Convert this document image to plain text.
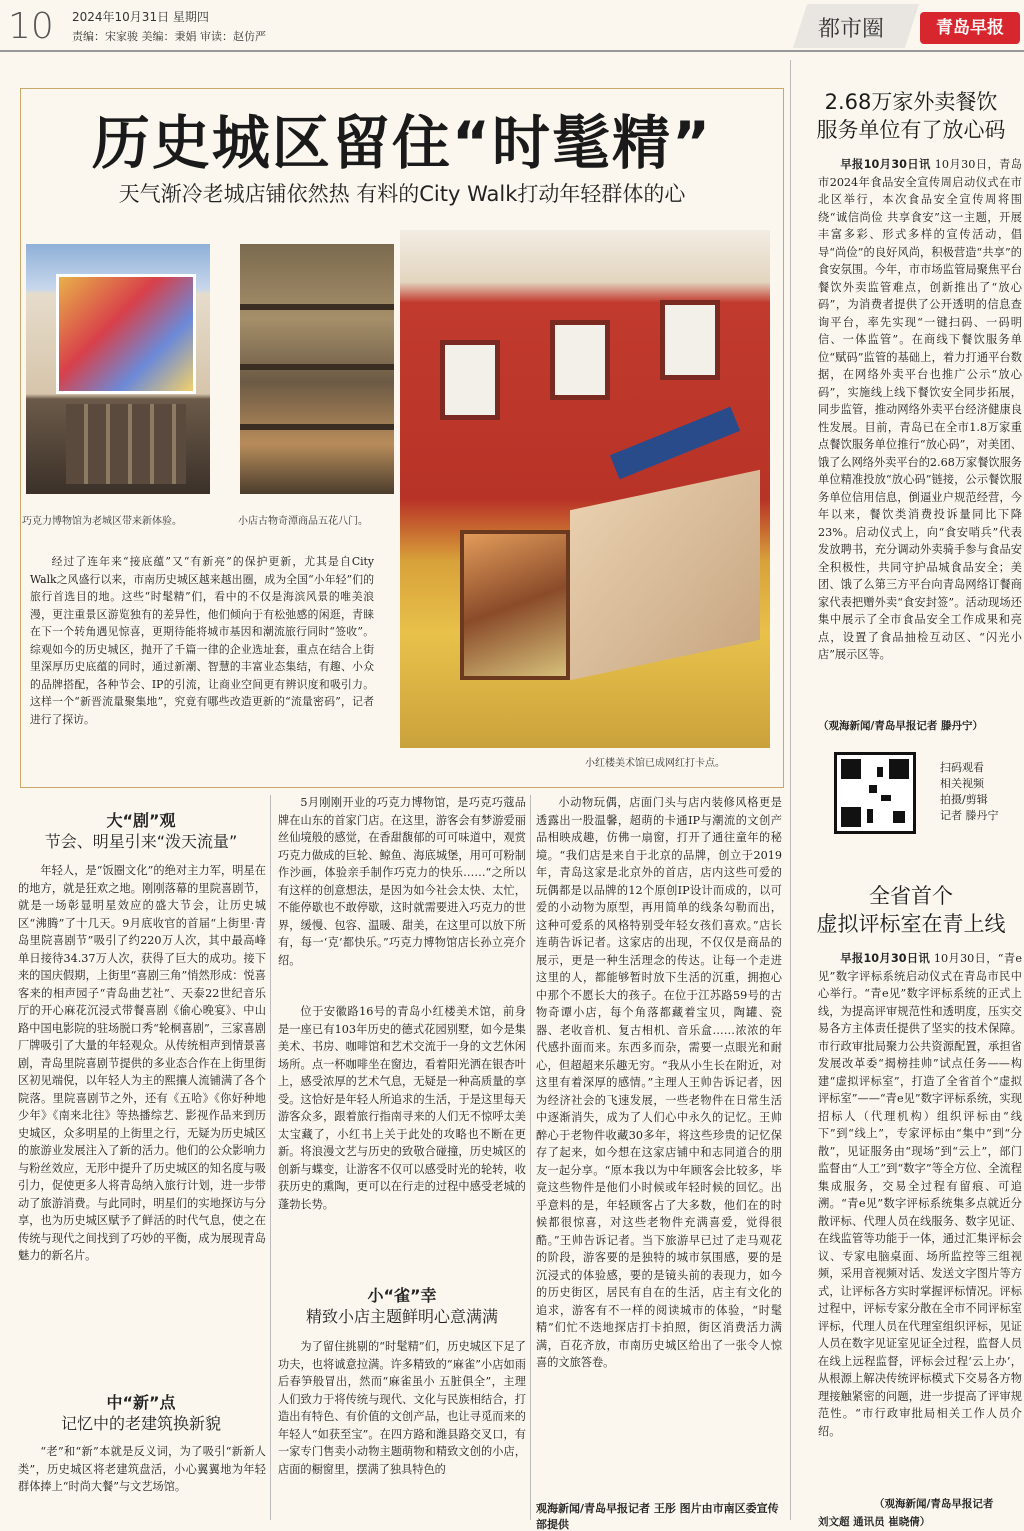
10 2024年10月31日 星期四
责编：宋家骏 美编：秉娟 审读：赵仿严	都市圈	青岛早报
历史城区留住“时髦精”
天气渐冷老城店铺依然热 有料的City Walk打动年轻群体的心
巧克力博物馆为老城区带来新体验。	小店古物奇潭商品五花八门。
小红楼美术馆已成网红打卡点。
经过了连年来“接底蕴”又“有新亮”的保护更新，尤其是自City Walk之风盛行以来，市南历史城区越来越出圈，成为全国“小年轻”们的旅行首选目的地。这些“时髦精”们，看中的不仅是海滨风景的唯美浪漫，更注重景区游览独有的差异性，他们倾向于有松弛感的闲逛，青睐在下一个转角遇见惊喜，更期待能将城市基因和潮流旅行同时“签收”。综观如今的历史城区，抛开了千篇一律的企业选址套，重点在结合上街里深厚历史底蕴的同时，通过新潮、智慧的丰富业态集结，有趣、小众的品牌搭配，各种节会、IP的引流，让商业空间更有辨识度和吸引力。这样一个“新晋流量聚集地”，究竟有哪些改造更新的“流量密码”，记者进行了探访。
大“剧”观
节会、明星引来“泼天流量”
年轻人，是“饭圈文化”的绝对主力军，明星在的地方，就是狂欢之地。刚刚落幕的里院喜剧节，就是一场彰显明星效应的盛大节会，让历史城区“沸腾”了十几天。9月底收官的首届“上街里·青岛里院喜剧节”吸引了约220万人次，其中最高峰单日接待34.37万人次，获得了巨大的成功。接下来的国庆假期，上街里“喜剧三角”悄然形成：悦喜客来的相声园子“青岛曲艺社”、天泰22世纪音乐厅的开心麻花沉浸式带餐喜剧《偷心晚宴》、中山路中国电影院的驻场脱口秀“轮桐喜剧”，三家喜剧厂牌吸引了大量的年轻观众。从传统相声到情景喜剧，青岛里院喜剧节提供的多业态合作在上街里街区初见端倪，以年轻人为主的熙攘人流铺满了各个院落。里院喜剧节之外，还有《五哈》《你好种地少年》《南来北往》等热播综艺、影视作品来到历史城区，众多明星的上街里之行，无疑为历史城区的旅游业发展注入了新的活力。他们的公众影响力与粉丝效应，无形中提升了历史城区的知名度与吸引力，促使更多人将青岛纳入旅行计划，进一步带动了旅游消费。与此同时，明星们的实地探访与分享，也为历史城区赋予了鲜活的时代气息，使之在传统与现代之间找到了巧妙的平衡，成为展现青岛魅力的新名片。
中“新”点
记忆中的老建筑换新貌
“老”和“新”本就是反义词，为了吸引“新新人类”，历史城区将老建筑盘活，小心翼翼地为年轻群体捧上“时尚大餐”与文艺场馆。
5月刚刚开业的巧克力博物馆，是巧克巧蔻品牌在山东的首家门店。在这里，游客会有梦游爱丽丝仙境般的感觉，在香甜馥郁的可可味道中，观赏巧克力做成的巨轮、鲸鱼、海底城堡，用可可粉制作沙画，体验亲手制作巧克力的快乐……“之所以有这样的创意想法，是因为如今社会太快、太忙，不能停歇也不敢停歇，这时就需要进入巧克力的世界，缓慢、包容、温暖、甜美，在这里可以放下所有，每一‘克’都快乐。”巧克力博物馆店长孙立亮介绍。
位于安徽路16号的青岛小红楼美术馆，前身是一座已有103年历史的德式花园别墅，如今是集美术、书房、咖啡馆和艺术交流于一身的文艺休闲场所。点一杯咖啡坐在窗边，看着阳光洒在银杏叶上，感受浓厚的艺术气息，无疑是一种高质量的享受。这恰好是年轻人所追求的生活，于是这里每天游客众多，跟着旅行指南寻来的人们无不惊呼太美太宝藏了，小红书上关于此处的攻略也不断在更新。将浪漫文艺与历史的致敬合碰撞，历史城区的创新与蝶变，让游客不仅可以感受时光的轮转，收获历史的熏陶，更可以在行走的过程中感受老城的蓬勃长势。
小“雀”幸
精致小店主题鲜明心意满满
为了留住挑剔的“时髦精”们，历史城区下足了功夫，也将诚意拉满。许多精致的“麻雀”小店如雨后春笋般冒出，然而“麻雀虽小 五脏俱全”，主理人们致力于将传统与现代、文化与民族相结合，打造出有特色、有价值的文创产品，也让寻觅而来的年轻人“如获至宝”。在四方路和潍县路交叉口，有一家专门售卖小动物主题萌物和精致文创的小店，店面的橱窗里，摆满了独具特色的
小动物玩偶，店面门头与店内装修风格更是透露出一股温馨，超萌的卡通IP与潮流的文创产品相映成趣，仿佛一扇窗，打开了通往童年的秘境。“我们店是来自于北京的品牌，创立于2019年，青岛这家是北京外的首店，店内这些可爱的玩偶都是以品牌的12个原创IP设计而成的，以可爱的小动物为原型，再用简单的线条勾勒而出，这种可爱系的风格特别受年轻女孩们喜欢。”店长连萌告诉记者。这家店的出现，不仅仅是商品的展示，更是一种生活理念的传达。让每一个走进这里的人，都能够暂时放下生活的沉重，拥抱心中那个不愿长大的孩子。在位于江苏路59号的古物奇谭小店，每个角落都藏着宝贝，陶罐、瓷器、老收音机、复古相机、音乐盒……浓浓的年代感扑面而来。东西多而杂，需要一点眼光和耐心，但超超来乐趣无穷。“我从小生长在附近，对这里有着深厚的感情。”主理人王帅告诉记者，因为经济社会的飞速发展，一些老物件在日常生活中逐渐消失，成为了人们心中永久的记忆。王帅醉心于老物件收藏30多年，将这些珍贵的记忆保存了起来，如今想在这家店铺中和志同道合的朋友一起分享。“原本我以为中年顾客会比较多，毕竟这些物件是他们小时候或年轻时候的回忆。出乎意料的是，年轻顾客占了大多数，他们在的时候都很惊喜，对这些老物件充满喜爱，觉得很酷。”王帅告诉记者。当下旅游早已过了走马观花的阶段，游客要的是独特的城市氛围感，要的是沉浸式的体验感，要的是镜头前的表现力，如今的历史街区，居民有自在的生活，店主有文化的追求，游客有不一样的阅读城市的体验，“时髦精”们忙不迭地探店打卡拍照，街区消费活力满满，百花齐放，市南历史城区给出了一张令人惊喜的文旅答卷。
观海新闻/青岛早报记者 王彤 图片由市南区委宣传部提供
2.68万家外卖餐饮
服务单位有了放心码
早报10月30日讯 10月30日，青岛市2024年食品安全宣传周启动仪式在市北区举行，本次食品安全宣传周将围绕“诚信尚俭 共享食安”这一主题，开展丰富多彩、形式多样的宣传活动，倡导“尚俭”的良好风尚，积极营造“共享”的食安氛围。今年，市市场监管局聚焦平台餐饮外卖监管难点，创新推出了“放心码”，为消费者提供了公开透明的信息查询平台，率先实现“一键扫码、一码明信、一体监管”。在商线下餐饮服务单位“赋码”监管的基础上，着力打通平台数据，在网络外卖平台也推广公示“放心码”，实施线上线下餐饮安全同步拓展，同步监管，推动网络外卖平台经济健康良性发展。目前，青岛已在全市1.8万家重点餐饮服务单位推行“放心码”，对美团、饿了么网络外卖平台的2.68万家餐饮服务单位精准投放“放心码”链接，公示餐饮服务单位信用信息，倒逼业户规范经营，今年以来，餐饮类消费投诉量同比下降23%。启动仪式上，向“食安哨兵”代表发放聘书，充分调动外卖骑手参与食品安全积极性，共同守护品城食品安全；美团、饿了么第三方平台向青岛网络订餐商家代表把赠外卖“食安封签”。活动现场还集中展示了全市食品安全工作成果和亮点，设置了食品抽检互动区、“闪光小店”展示区等。
（观海新闻/青岛早报记者 滕丹宁）
扫码观看
相关视频
拍摄/剪辑
记者 滕丹宁
全省首个
虚拟评标室在青上线
早报10月30日讯 10月30日，“青e见”数字评标系统启动仪式在青岛市民中心举行。“青e见”数字评标系统的正式上线，为提高评审规范性和透明度，压实交易各方主体责任提供了坚实的技术保障。市行政审批局聚力公共资源配置，承担省发展改革委“揭榜挂帅”试点任务——构建“虚拟评标室”，打造了全省首个“虚拟评标室”——“青e见”数字评标系统，实现招标人（代理机构）组织评标由“线下”到“线上”，专家评标由“集中”到“分散”，见证服务由“现场”到“云上”，部门监督由“人工”到“数字”等全方位、全流程集成服务，交易全过程有留痕、可追溯。“青e见”数字评标系统集多点就近分散评标、代理人员在线服务、数字见证、在线监管等功能于一体，通过汇集评标会议、专家电脑桌面、场所监控等三组视频，采用音视频对话、发送文字图片等方式，让评标各方实时掌握评标情况。评标过程中，评标专家分散在全市不同评标室评标，代理人员在代理室组织评标，见证人员在数字见证室见证全过程，监督人员在线上远程监督，评标会过程‘云上办’，从根源上解决传统评标模式下交易各方物理接触紧密的问题，进一步提高了评审规范性。“市行政审批局相关工作人员介绍。
（观海新闻/青岛早报记者
刘文超 通讯员 崔晓倩）
